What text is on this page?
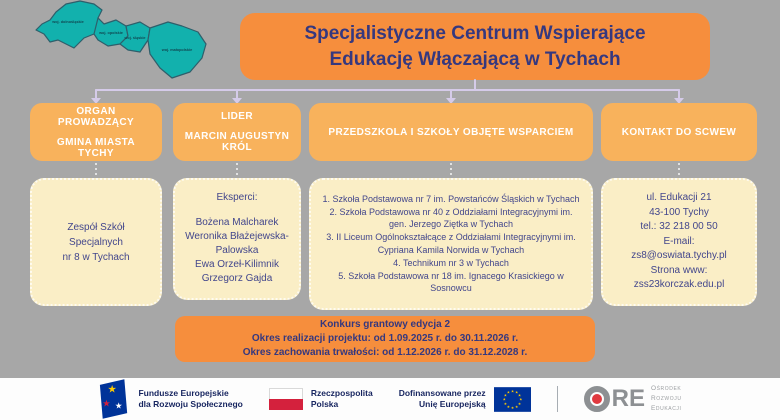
woj. dolnośląskie
woj. opolskie
woj. śląskie
woj. małopolskie
Specjalistyczne Centrum Wspierające
Edukację Włączającą w Tychach
ORGAN PROWADZĄCY
GMINA MIASTA TYCHY
LIDER
MARCIN AUGUSTYN KRÓL
PRZEDSZKOLA I SZKOŁY OBJĘTE WSPARCIEM	KONTAKT DO SCWEW
Zespół Szkół Specjalnych
nr 8 w Tychach
Eksperci:
Bożena Malcharek
Weronika Błażejewska-Palowska
Ewa Orzeł-Kilimnik
Grzegorz Gajda
1. Szkoła Podstawowa nr 7 im. Powstańców Śląskich w Tychach
2. Szkoła Podstawowa nr 40 z Oddziałami Integracyjnymi im. gen. Jerzego Ziętka w Tychach
3. II Liceum Ogólnokształcące z Oddziałami Integracyjnymi im. Cypriana Kamila Norwida w Tychach
4. Technikum nr 3 w Tychach
5. Szkoła Podstawowa nr 18 im. Ignacego Krasickiego w Sosnowcu
ul. Edukacji 21
43-100 Tychy
tel.: 32 218 00 50
E-mail:
zs8@oswiata.tychy.pl
Strona www:
zss23korczak.edu.pl
Konkurs grantowy edycja 2
Okres realizacji projektu: od 1.09.2025 r. do 30.11.2026 r.
Okres zachowania trwałości: od 1.12.2026 r. do 31.12.2028 r.
★
★ ★
Fundusze Europejskie
dla Rozwoju Społecznego
Rzeczpospolita
Polska
Dofinansowane przez
Unię Europejską
★ ★
★
★
★
★
★
★
★
★
★
★	RE Ośrodek
Rozwoju
Edukacji
